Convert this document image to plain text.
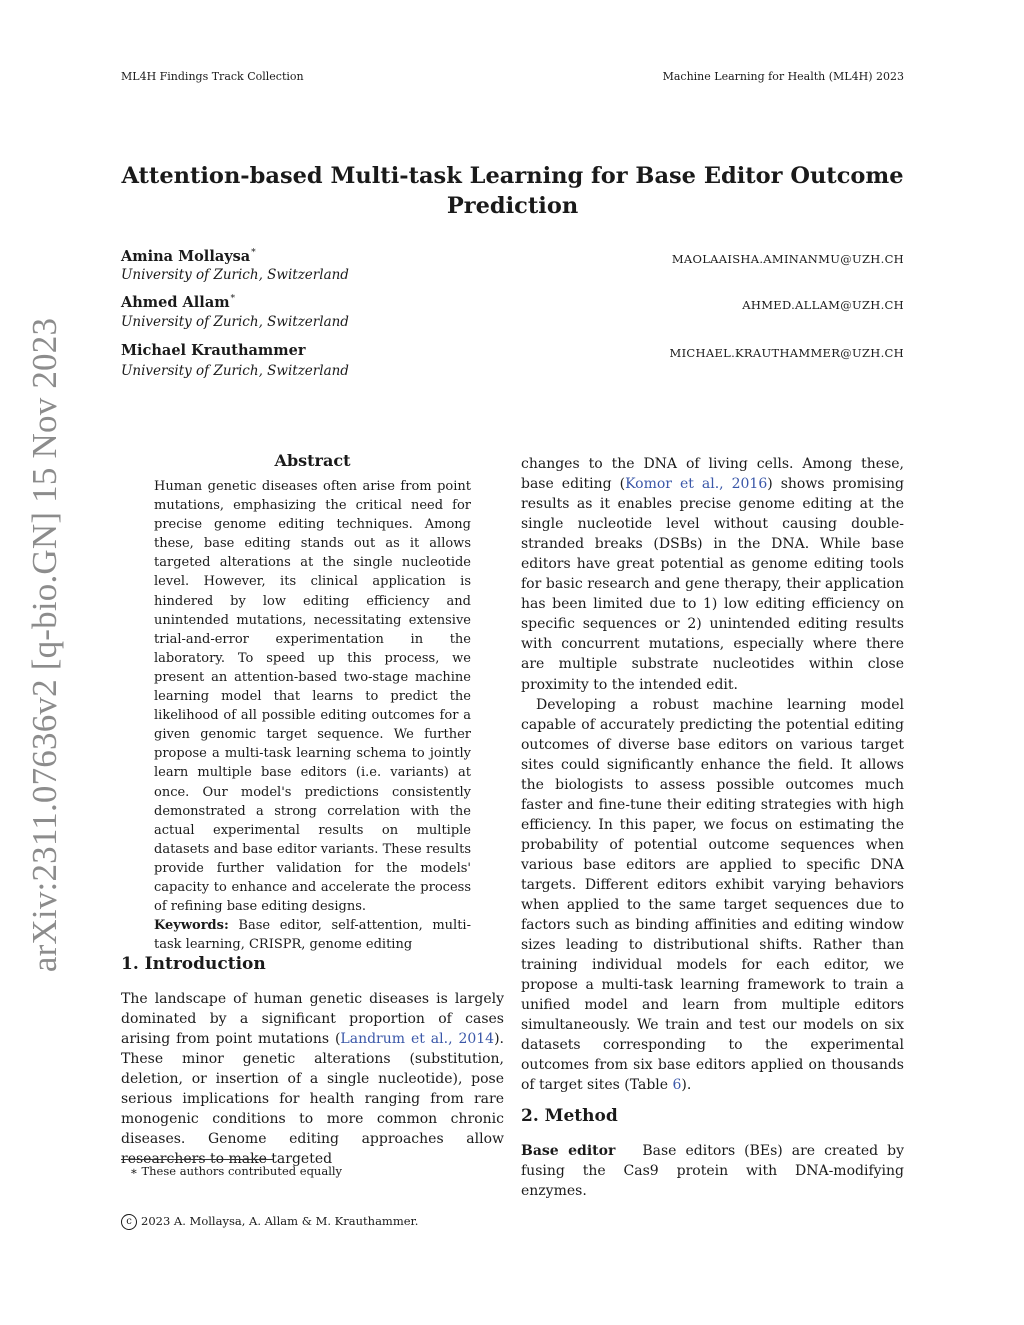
ML4H Findings Track Collection	Machine Learning for Health (ML4H) 2023
arXiv:2311.07636v2 [q-bio.GN] 15 Nov 2023
Attention-based Multi-task Learning for Base Editor Outcome Prediction
Amina Mollaysa∗
University of Zurich, Switzerland
MAOLAAISHA.AMINANMU@UZH.CH
Ahmed Allam∗
University of Zurich, Switzerland
AHMED.ALLAM@UZH.CH
Michael Krauthammer
University of Zurich, Switzerland
MICHAEL.KRAUTHAMMER@UZH.CH
Abstract
Human genetic diseases often arise from point mutations, emphasizing the critical need for precise genome editing techniques. Among these, base editing stands out as it allows targeted alterations at the single nucleotide level. However, its clinical application is hindered by low editing efficiency and unintended mutations, necessitating extensive trial-and-error experimentation in the laboratory. To speed up this process, we present an attention-based two-stage machine learning model that learns to predict the likelihood of all possible editing outcomes for a given genomic target sequence. We further propose a multi-task learning schema to jointly learn multiple base editors (i.e. variants) at once. Our model's predictions consistently demonstrated a strong correlation with the actual experimental results on multiple datasets and base editor variants. These results provide further validation for the models' capacity to enhance and accelerate the process of refining base editing designs.
Keywords: Base editor, self-attention, multi-task learning, CRISPR, genome editing
1. Introduction

The landscape of human genetic diseases is largely dominated by a significant proportion of cases arising from point mutations (Landrum et al., 2014). These minor genetic alterations (substitution, deletion, or insertion of a single nucleotide), pose serious implications for health ranging from rare monogenic conditions to more common chronic diseases. Genome editing approaches allow researchers to make targeted

changes to the DNA of living cells. Among these, base editing (Komor et al., 2016) shows promising results as it enables precise genome editing at the single nucleotide level without causing double-stranded breaks (DSBs) in the DNA. While base editors have great potential as genome editing tools for basic research and gene therapy, their application has been limited due to 1) low editing efficiency on specific sequences or 2) unintended editing results with concurrent mutations, especially where there are multiple substrate nucleotides within close proximity to the intended edit.

Developing a robust machine learning model capable of accurately predicting the potential editing outcomes of diverse base editors on various target sites could significantly enhance the field. It allows the biologists to assess possible outcomes much faster and fine-tune their editing strategies with high efficiency. In this paper, we focus on estimating the probability of potential outcome sequences when various base editors are applied to specific DNA targets. Different editors exhibit varying behaviors when applied to the same target sequences due to factors such as binding affinities and editing window sizes leading to distributional shifts. Rather than training individual models for each editor, we propose a multi-task learning framework to train a unified model and learn from multiple editors simultaneously. We train and test our models on six datasets corresponding to the experimental outcomes from six base editors applied on thousands of target sites (Table 6).

2. Method

Base editor Base editors (BEs) are created by fusing the Cas9 protein with DNA-modifying enzymes.

∗ These authors contributed equally
c 2023 A. Mollaysa, A. Allam & M. Krauthammer.
